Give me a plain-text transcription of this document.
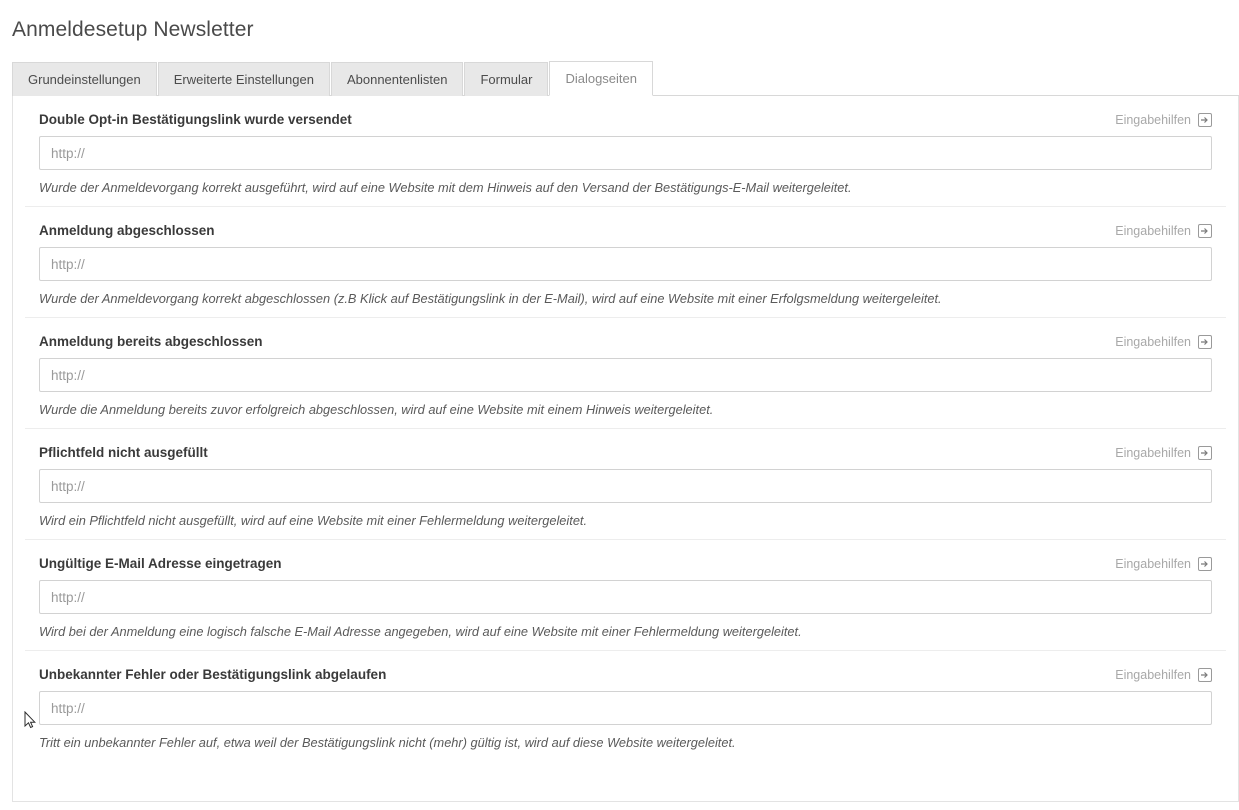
Anmeldesetup Newsletter
Grundeinstellungen	Erweiterte Einstellungen	Abonnentenlisten	Formular	Dialogseiten
Double Opt-in Bestätigungslink wurde versendet	Eingabehilfen
http://
Wurde der Anmeldevorgang korrekt ausgeführt, wird auf eine Website mit dem Hinweis auf den Versand der Bestätigungs-E-Mail weitergeleitet.
Anmeldung abgeschlossen	Eingabehilfen
http://
Wurde der Anmeldevorgang korrekt abgeschlossen (z.B Klick auf Bestätigungslink in der E-Mail), wird auf eine Website mit einer Erfolgsmeldung weitergeleitet.
Anmeldung bereits abgeschlossen	Eingabehilfen
http://
Wurde die Anmeldung bereits zuvor erfolgreich abgeschlossen, wird auf eine Website mit einem Hinweis weitergeleitet.
Pflichtfeld nicht ausgefüllt	Eingabehilfen
http://
Wird ein Pflichtfeld nicht ausgefüllt, wird auf eine Website mit einer Fehlermeldung weitergeleitet.
Ungültige E-Mail Adresse eingetragen	Eingabehilfen
http://
Wird bei der Anmeldung eine logisch falsche E-Mail Adresse angegeben, wird auf eine Website mit einer Fehlermeldung weitergeleitet.
Unbekannter Fehler oder Bestätigungslink abgelaufen	Eingabehilfen
http://
Tritt ein unbekannter Fehler auf, etwa weil der Bestätigungslink nicht (mehr) gültig ist, wird auf diese Website weitergeleitet.
